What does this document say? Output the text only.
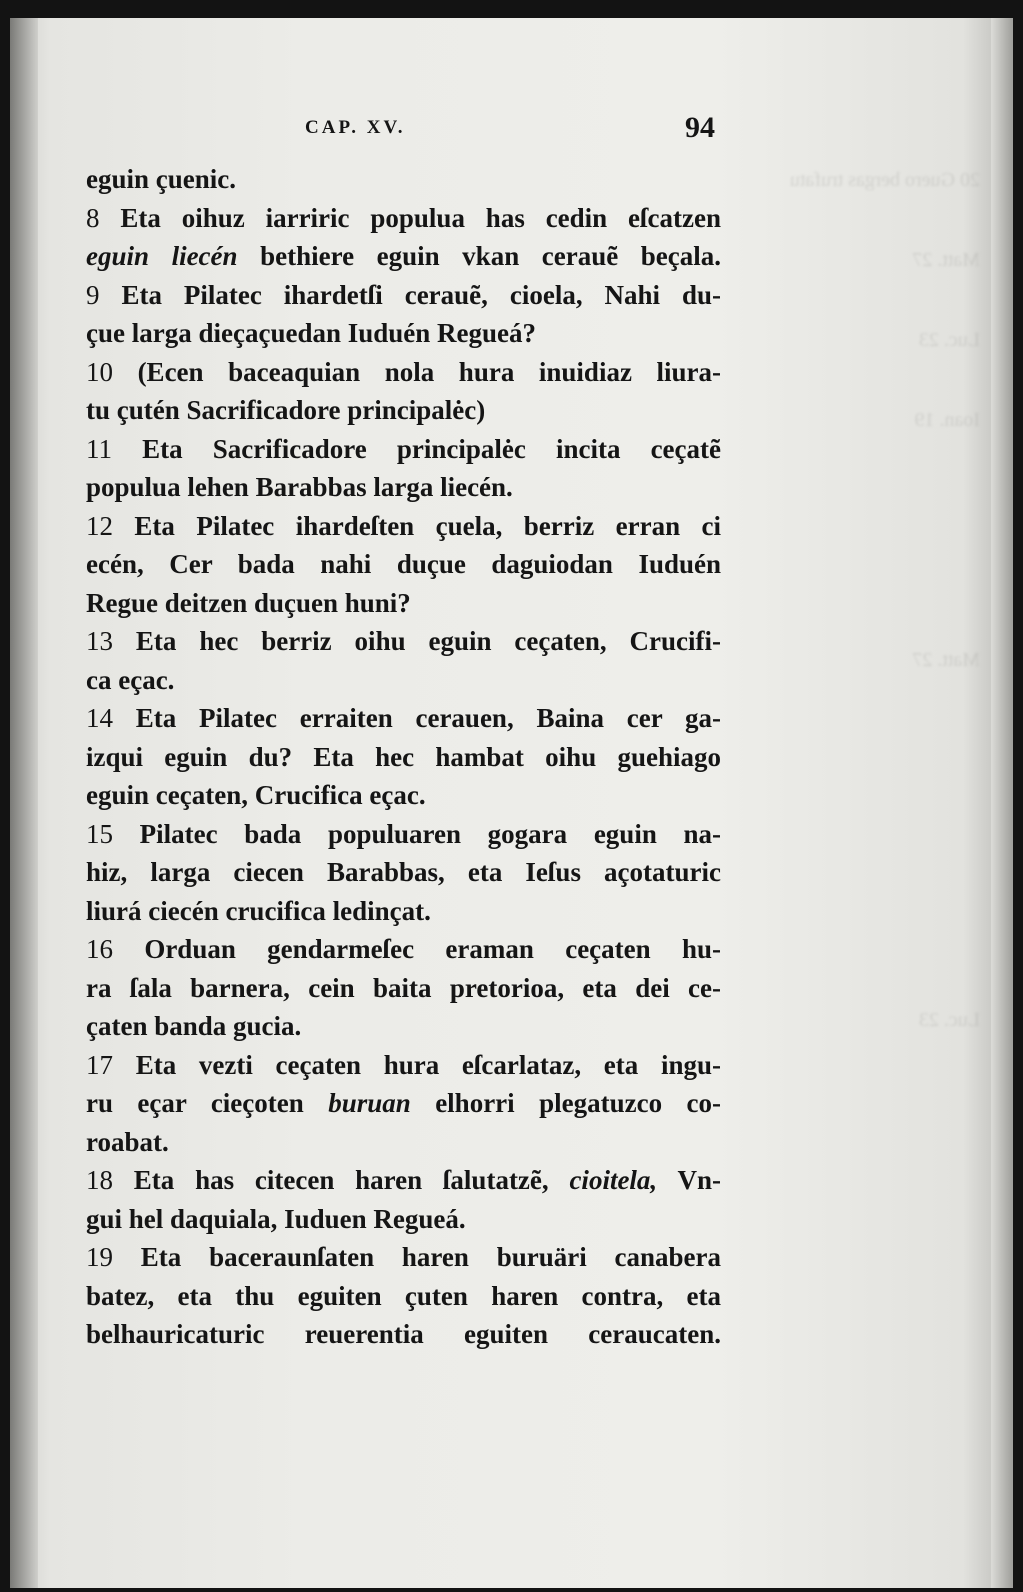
20 Guero bergas trufatu

Matt. 27

Luc. 23

Ioan. 19

Matt. 27

Luc. 23

CAP. XV.	94
eguin çuenic.
8 Eta oihuz iarriric populua has cedin eſcatzen
eguin liecén bethiere eguin vkan cerauẽ beçala.
9 Eta Pilatec ihardetſi cerauẽ, cioela, Nahi du-
çue larga dieçaçuedan Iuduén Regueá?
10 (Ecen baceaquian nola hura inuidiaz liura-
tu çutén Sacrificadore principalėc)
11 Eta Sacrificadore principalėc incita ceçatẽ
populua lehen Barabbas larga liecén.
12 Eta Pilatec ihardeſten çuela, berriz erran ci
ecén, Cer bada nahi duçue daguiodan Iuduén
Regue deitzen duçuen huni?
13 Eta hec berriz oihu eguin ceçaten, Crucifi-
ca eçac.
14 Eta Pilatec erraiten cerauen, Baina cer ga-
izqui eguin du? Eta hec hambat oihu guehiago
eguin ceçaten, Crucifica eçac.
15 Pilatec bada populuaren gogara eguin na-
hiz, larga ciecen Barabbas, eta Ieſus açotaturic
liurá ciecén crucifica ledinçat.
16 Orduan gendarmeſec eraman ceçaten hu-
ra ſala barnera, cein baita pretorioa, eta dei ce-
çaten banda gucia.
17 Eta vezti ceçaten hura eſcarlataz, eta ingu-
ru eçar cieçoten buruan elhorri plegatuzco co-
roabat.
18 Eta has citecen haren ſalutatzẽ, cioitela, Vn-
gui hel daquiala, Iuduen Regueá.
19 Eta baceraunſaten haren buruäri canabera
batez, eta thu eguiten çuten haren contra, eta
belhauricaturic reuerentia eguiten ceraucaten.
